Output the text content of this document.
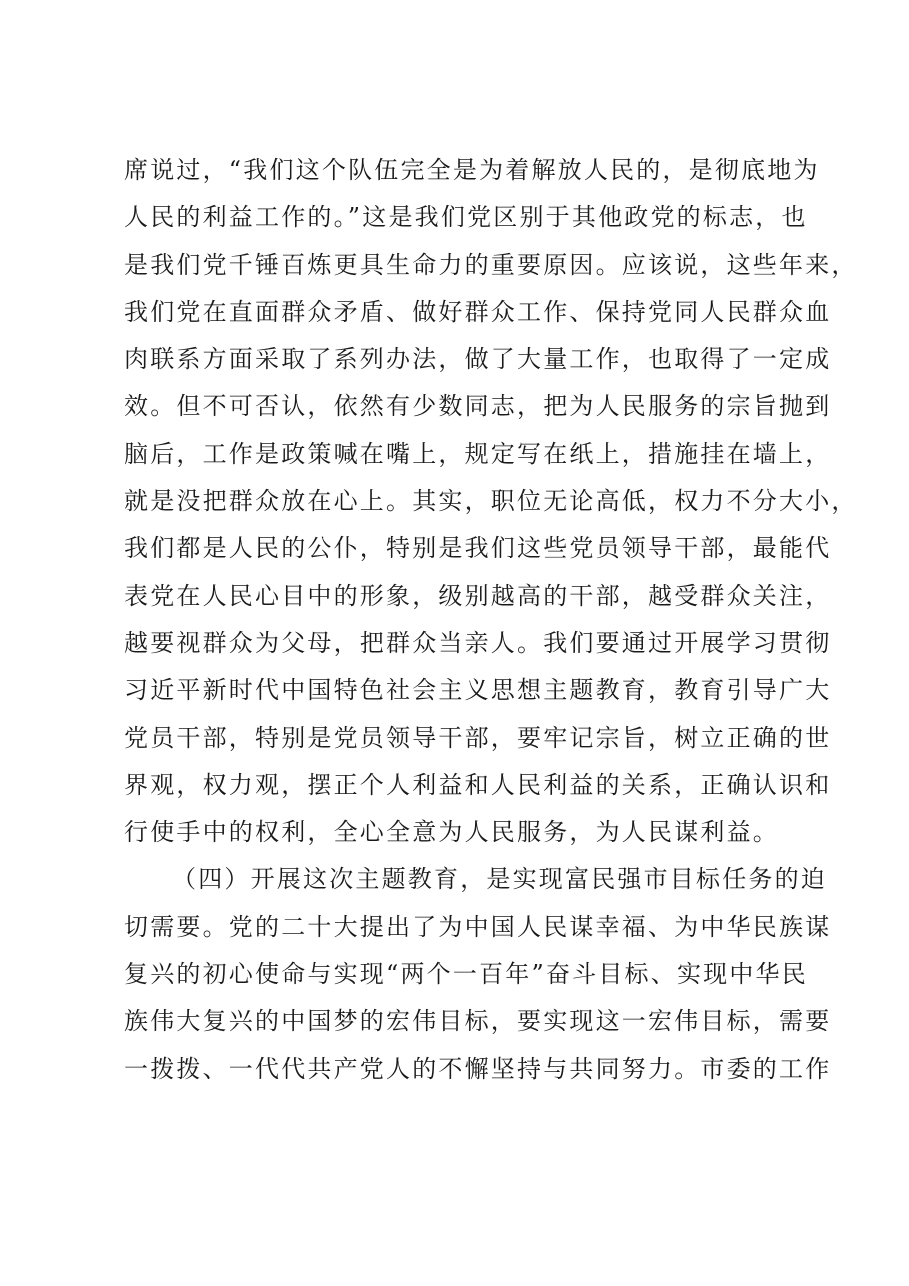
席说过，“我们这个队伍完全是为着解放人民的，是彻底地为
人民的利益工作的。”这是我们党区别于其他政党的标志，也
是我们党千锤百炼更具生命力的重要原因。应该说，这些年来，
我们党在直面群众矛盾、做好群众工作、保持党同人民群众血
肉联系方面采取了系列办法，做了大量工作，也取得了一定成
效。但不可否认，依然有少数同志，把为人民服务的宗旨抛到
脑后，工作是政策喊在嘴上，规定写在纸上，措施挂在墙上，
就是没把群众放在心上。其实，职位无论高低，权力不分大小，
我们都是人民的公仆，特别是我们这些党员领导干部，最能代
表党在人民心目中的形象，级别越高的干部，越受群众关注，
越要视群众为父母，把群众当亲人。我们要通过开展学习贯彻
习近平新时代中国特色社会主义思想主题教育，教育引导广大
党员干部，特别是党员领导干部，要牢记宗旨，树立正确的世
界观，权力观，摆正个人利益和人民利益的关系，正确认识和
行使手中的权利，全心全意为人民服务，为人民谋利益。
（四）开展这次主题教育，是实现富民强市目标任务的迫
切需要。党的二十大提出了为中国人民谋幸福、为中华民族谋
复兴的初心使命与实现“两个一百年”奋斗目标、实现中华民
族伟大复兴的中国梦的宏伟目标，要实现这一宏伟目标，需要
一拨拨、一代代共产党人的不懈坚持与共同努力。市委的工作
